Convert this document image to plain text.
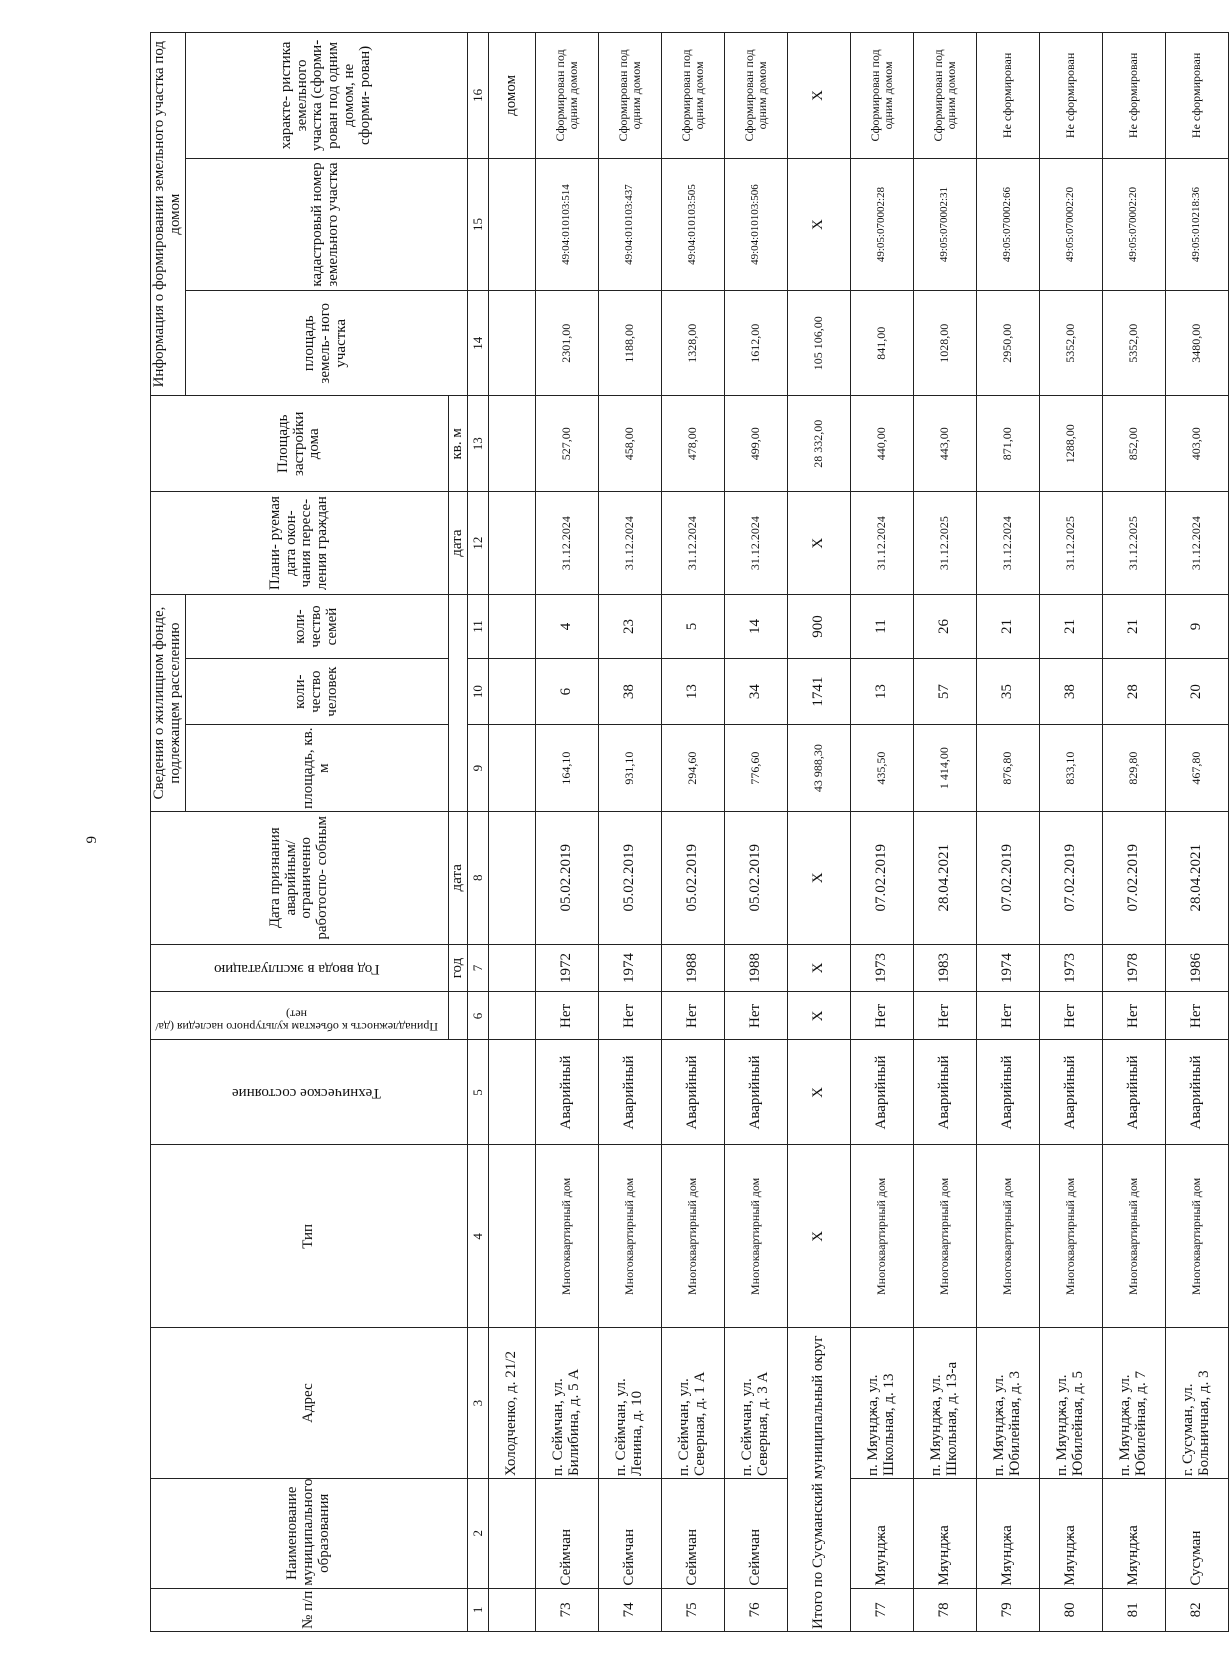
9
№ п/п	Наименование муниципального образования	Адрес	Тип	Техническое состояние	Принадлежность к объектам культурного наследия (да/нет)	Год ввода в эксплуатацию	Дата признания аварийным/ ограниченно работоспо- собным	Сведения о жилищном фонде, подлежащем расселению			Плани- руемая дата окон- чания пересе- ления граждан	Площадь застройки дома	Информация о формировании земельного участка под домом		
								площадь, кв. м	коли- чество человек	коли- чество семей			площадь земель- ного участка	кадастровый номер земельного участка	характе- ристика земельного участка (сформи- рован под одним домом, не сформи- рован)
						год	дата				дата	кв. м			
1	2	3	4	5	6	7	8	9	10	11	12	13	14	15	16
		Холодченко, д. 21/2													домом
73	Сеймчан	п. Сеймчан, ул. Билибина, д. 5 А	Многоквартирный дом	Аварийный	Нет	1972	05.02.2019	164,10	6	4	31.12.2024	527,00	2301,00	49:04:010103:514	Сформирован под одним домом
74	Сеймчан	п. Сеймчан, ул. Ленина, д. 10	Многоквартирный дом	Аварийный	Нет	1974	05.02.2019	931,10	38	23	31.12.2024	458,00	1188,00	49:04:010103:437	Сформирован под одним домом
75	Сеймчан	п. Сеймчан, ул. Северная, д. 1 А	Многоквартирный дом	Аварийный	Нет	1988	05.02.2019	294,60	13	5	31.12.2024	478,00	1328,00	49:04:010103:505	Сформирован под одним домом
76	Сеймчан	п. Сеймчан, ул. Северная, д. 3 А	Многоквартирный дом	Аварийный	Нет	1988	05.02.2019	776,60	34	14	31.12.2024	499,00	1612,00	49:04:010103:506	Сформирован под одним домом
Итого по Сусуманский муниципальный округ			X	X	X	X	X	43 988,30	1741	900	X	28 332,00	105 106,00	X	X
77	Мяунджа	п. Мяунджа, ул. Школьная, д. 13	Многоквартирный дом	Аварийный	Нет	1973	07.02.2019	435,50	13	11	31.12.2024	440,00	841,00	49:05:070002:28	Сформирован под одним домом
78	Мяунджа	п. Мяунджа, ул. Школьная, д. 13-а	Многоквартирный дом	Аварийный	Нет	1983	28.04.2021	1 414,00	57	26	31.12.2025	443,00	1028,00	49:05:070002:31	Сформирован под одним домом
79	Мяунджа	п. Мяунджа, ул. Юбилейная, д. 3	Многоквартирный дом	Аварийный	Нет	1974	07.02.2019	876,80	35	21	31.12.2024	871,00	2950,00	49:05:070002:66	Не сформирован
80	Мяунджа	п. Мяунджа, ул. Юбилейная, д. 5	Многоквартирный дом	Аварийный	Нет	1973	07.02.2019	833,10	38	21	31.12.2025	1288,00	5352,00	49:05:070002:20	Не сформирован
81	Мяунджа	п. Мяунджа, ул. Юбилейная, д. 7	Многоквартирный дом	Аварийный	Нет	1978	07.02.2019	829,80	28	21	31.12.2025	852,00	5352,00	49:05:070002:20	Не сформирован
82	Сусуман	г. Сусуман, ул. Больничная, д. 3	Многоквартирный дом	Аварийный	Нет	1986	28.04.2021	467,80	20	9	31.12.2024	403,00	3480,00	49:05:010218:36	Не сформирован
